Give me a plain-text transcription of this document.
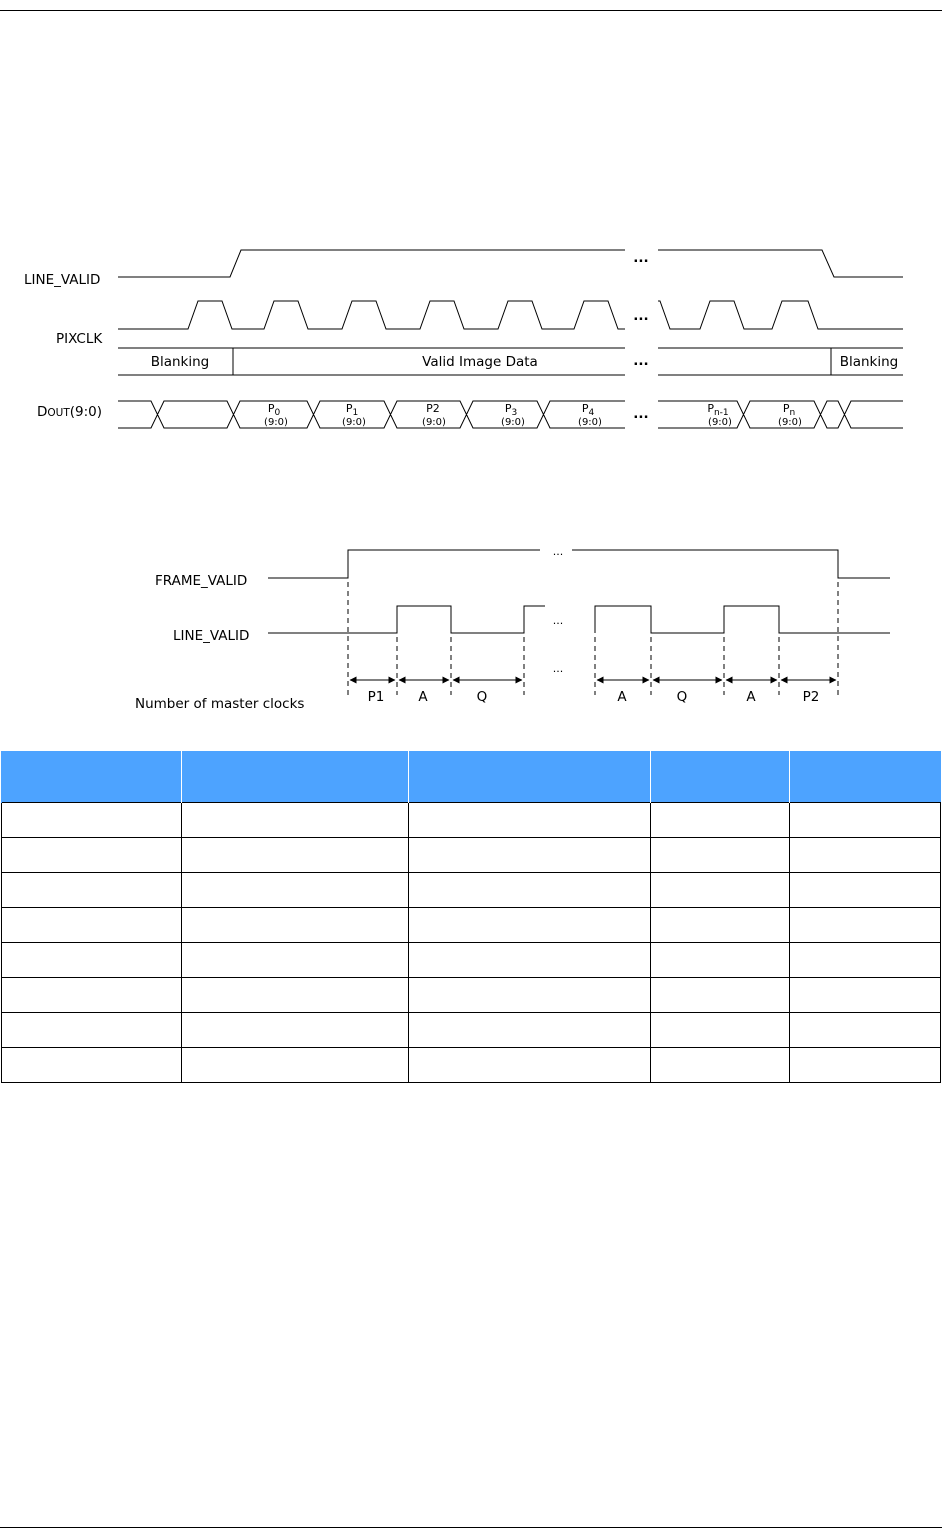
LINE_VALID
PIXCLK
DOUT(9:0)
Blanking	Valid Image Data	Blanking
...
...
...
...
$P_0$
(9:0)
$P_1$
(9:0)
P2
(9:0)
$P_3$
(9:0)
$P_4$
(9:0)
$P_{n-1}$
(9:0)
$P_n$
(9:0)
FRAME_VALID
LINE_VALID
Number of master clocks
...
...
...
P1	A	Q	A	Q	A	P2
